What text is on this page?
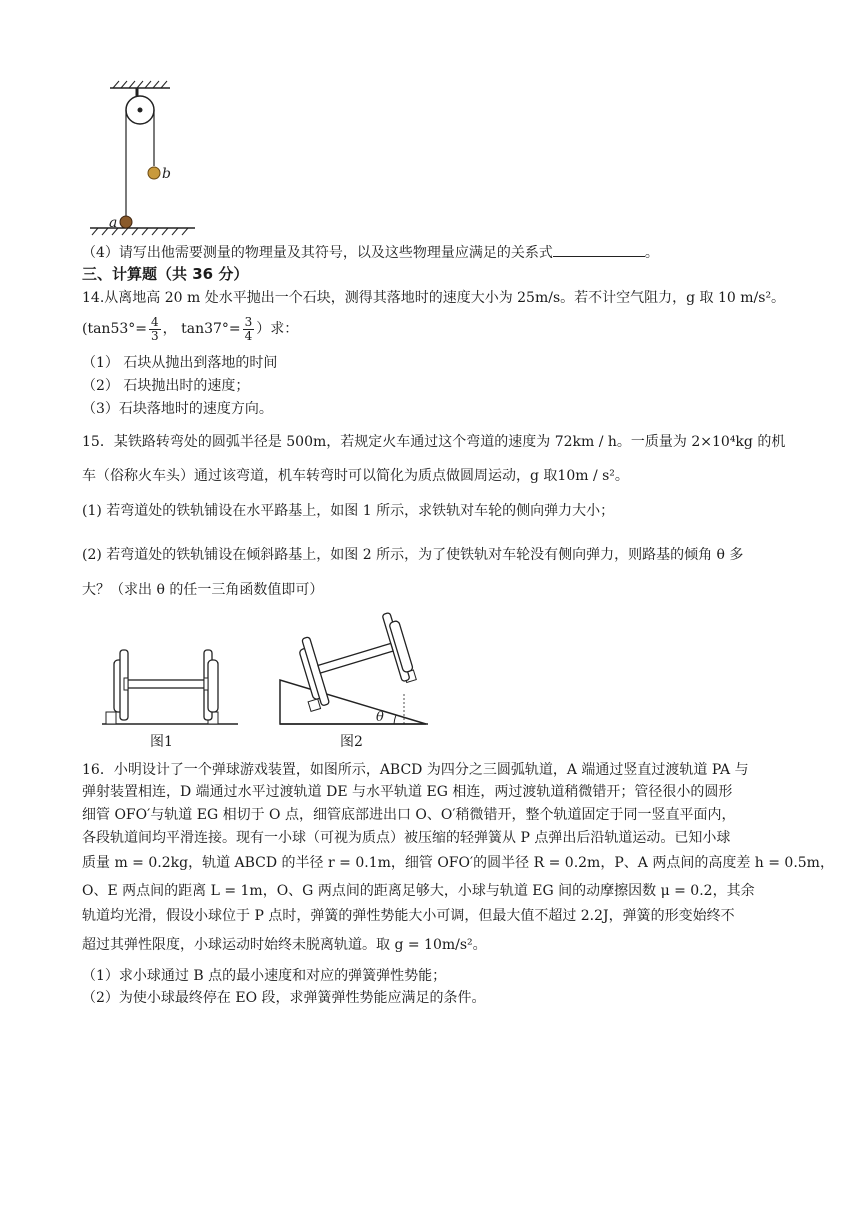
b
a
（4）请写出他需要测量的物理量及其符号，以及这些物理量应满足的关系式	。
三、计算题（共 36 分）
14.从离地高 20 m 处水平抛出一个石块，测得其落地时的速度大小为 25m/s。若不计空气阻力，g 取 10 m/s²。
($\tan 53^\circ= \frac{4}{3}$ ， $\tan 37^\circ= \frac{3}{4}$ ）求：
（1） 石块从抛出到落地的时间
（2） 石块抛出时的速度；
（3）石块落地时的速度方向。
15．某铁路转弯处的圆弧半径是 500m，若规定火车通过这个弯道的速度为 72km / h。一质量为 2×10⁴kg 的机
车（俗称火车头）通过该弯道，机车转弯时可以简化为质点做圆周运动，g 取10m / s²。
(1) 若弯道处的铁轨铺设在水平路基上，如图 1 所示，求铁轨对车轮的侧向弹力大小；
(2) 若弯道处的铁轨铺设在倾斜路基上，如图 2 所示，为了使铁轨对车轮没有侧向弹力，则路基的倾角 θ 多
大？（求出 θ 的任一三角函数值即可）
图1
θ
图2
16．小明设计了一个弹球游戏装置，如图所示，ABCD 为四分之三圆弧轨道，A 端通过竖直过渡轨道 PA 与
弹射装置相连，D 端通过水平过渡轨道 DE 与水平轨道 EG 相连，两过渡轨道稍微错开；管径很小的圆形
细管 OFO′与轨道 EG 相切于 O 点，细管底部进出口 O、O′稍微错开，整个轨道固定于同一竖直平面内，
各段轨道间均平滑连接。现有一小球（可视为质点）被压缩的轻弹簧从 P 点弹出后沿轨道运动。已知小球
质量 m = 0.2kg，轨道 ABCD 的半径 r = 0.1m，细管 OFO′的圆半径 R = 0.2m，P、A 两点间的高度差 h = 0.5m，
O、E 两点间的距离 L = 1m，O、G 两点间的距离足够大，小球与轨道 EG 间的动摩擦因数 μ = 0.2，其余
轨道均光滑，假设小球位于 P 点时，弹簧的弹性势能大小可调，但最大值不超过 2.2J，弹簧的形变始终不
超过其弹性限度，小球运动时始终未脱离轨道。取 g = 10m/s²。
（1）求小球通过 B 点的最小速度和对应的弹簧弹性势能；
（2）为使小球最终停在 EO 段，求弹簧弹性势能应满足的条件。
